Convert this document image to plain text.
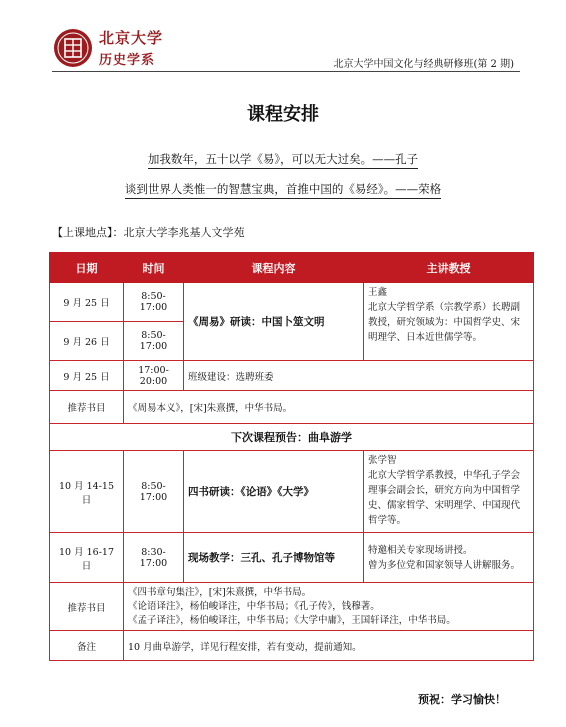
北京大学
历史学系	北京大学中国文化与经典研修班(第 2 期)
课程安排
加我数年，五十以学《易》，可以无大过矣。——孔子
谈到世界人类惟一的智慧宝典，首推中国的《易经》。——荣格
【上课地点】：北京大学李兆基人文学苑
日期	时间	课程内容	主讲教授
9 月 25 日	8:50-17:00	《周易》研读：中国卜筮文明	王鑫
北京大学哲学系（宗教学系）长聘副教授，研究领域为：中国哲学史、宋明理学、日本近世儒学等。
9 月 26 日	8:50-17:00		
9 月 25 日	17:00-20:00	班级建设：选聘班委	
推荐书目	《周易本义》，[宋]朱熹撰，中华书局。		
下次课程预告：曲阜游学			
10 月 14-15 日	8:50-17:00	四书研读：《论语》《大学》	张学智
北京大学哲学系教授，中华孔子学会理事会副会长，研究方向为中国哲学史、儒家哲学、宋明理学、中国现代哲学等。
10 月 16-17 日	8:30-17:00	现场教学：三孔、孔子博物馆等	特邀相关专家现场讲授。
曾为多位党和国家领导人讲解服务。
推荐书目	《四书章句集注》，[宋]朱熹撰，中华书局。
《论语译注》，杨伯峻译注，中华书局；《孔子传》，钱穆著。
《孟子译注》，杨伯峻译注，中华书局；《大学中庸》，王国轩译注，中华书局。		
备注	10 月曲阜游学，详见行程安排，若有变动，提前通知。		
预祝：学习愉快！
